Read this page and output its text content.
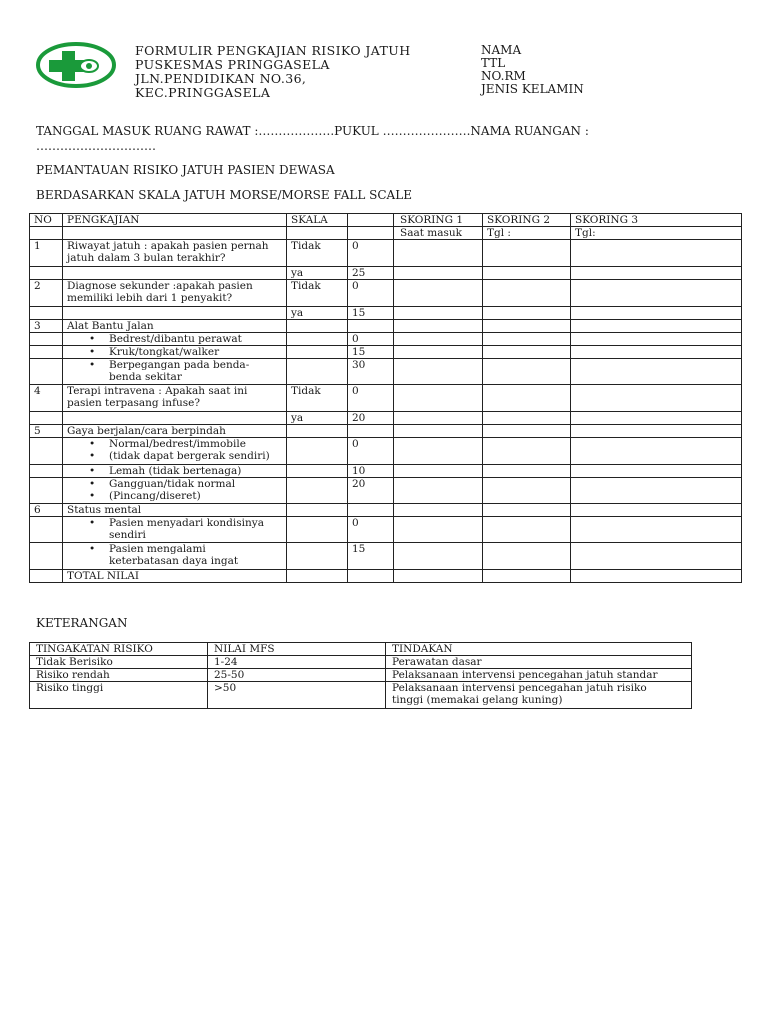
FORMULIR PENGKAJIAN RISIKO JATUH
PUSKESMAS PRINGGASELA
JLN.PENDIDIKAN NO.36,
KEC.PRINGGASELA
NAMA
TTL
NO.RM
JENIS KELAMIN
TANGGAL MASUK RUANG RAWAT :……………….PUKUL ………………….NAMA RUANGAN :
…………………………
PEMANTAUAN RISIKO JATUH PASIEN DEWASA
BERDASARKAN SKALA JATUH MORSE/MORSE FALL SCALE
NO	PENGKAJIAN	SKALA		SKORING 1	SKORING 2	SKORING 3
				Saat masuk	Tgl :	Tgl:
1	Riwayat jatuh : apakah pasien pernah
jatuh dalam 3 bulan terakhir?	Tidak	0			
		ya	25			
2	Diagnose sekunder :apakah pasien
memiliki lebih dari 1 penyakit?	Tidak	0			
		ya	15			
3	Alat Bantu Jalan					

	• Bedrest/dibantu perawat		0			

	• Kruk/tongkat/walker		15			

	• Berpegangan pada benda-
benda sekitar		30			
4	Terapi intravena : Apakah saat ini
pasien terpasang infuse?	Tidak	0			
		ya	20			
5	Gaya berjalan/cara berpindah					

	• Normal/bedrest/immobile
• (tidak dapat bergerak sendiri)		0			

	• Lemah (tidak bertenaga)		10			

	• Gangguan/tidak normal
• (Pincang/diseret)		20			
6	Status mental					

	• Pasien menyadari kondisinya
sendiri		0			

	• Pasien mengalami
keterbatasan daya ingat		15			
	TOTAL NILAI					
KETERANGAN
TINGAKATAN RISIKO	NILAI MFS	TINDAKAN
Tidak Berisiko	1-24	Perawatan dasar
Risiko rendah	25-50	Pelaksanaan intervensi pencegahan jatuh standar
Risiko tinggi	>50	Pelaksanaan intervensi pencegahan jatuh risiko
tinggi (memakai gelang kuning)
